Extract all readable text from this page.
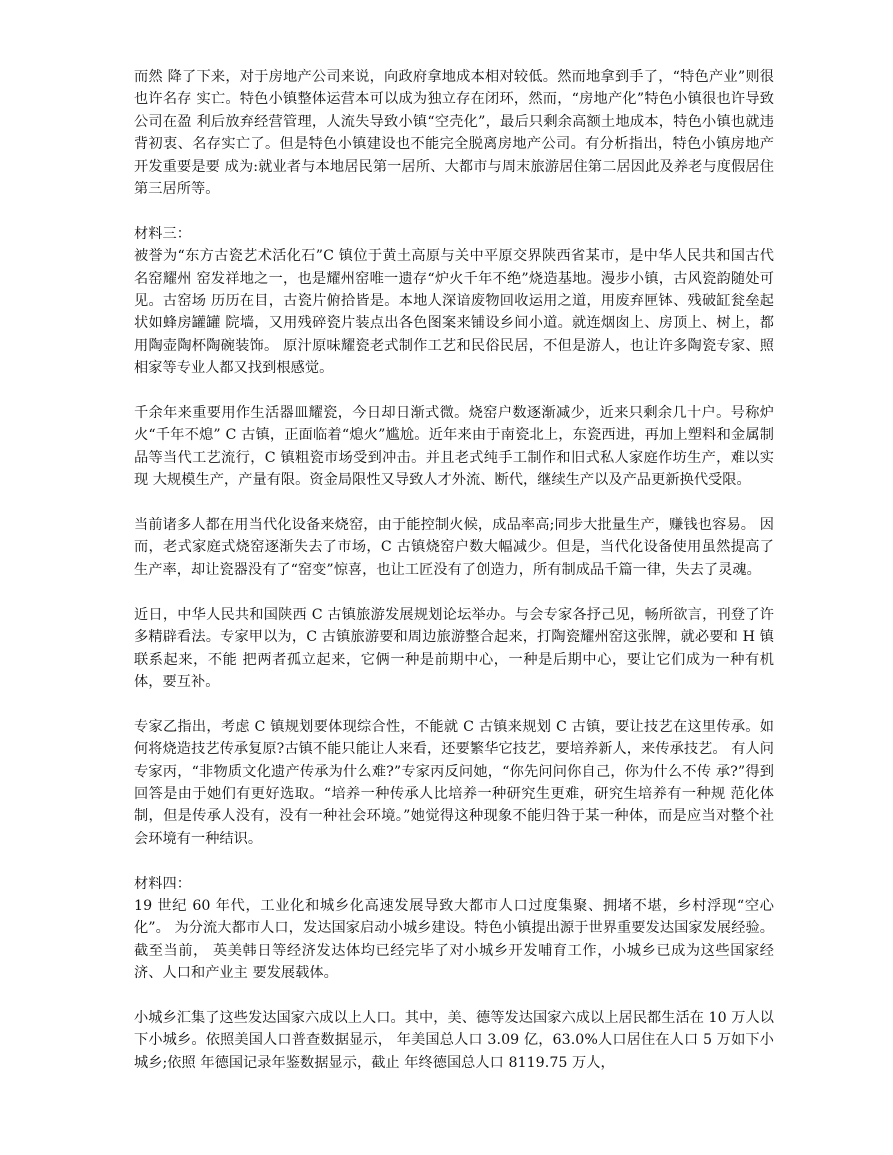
而然 降了下来，对于房地产公司来说，向政府拿地成本相对较低。然而地拿到手了，“特色产业”则很也许名存 实亡。特色小镇整体运营本可以成为独立存在闭环，然而，“房地产化”特色小镇很也许导致公司在盈 利后放弃经营管理，人流失导致小镇“空壳化”，最后只剩余高额土地成本，特色小镇也就违背初衷、名存实亡了。但是特色小镇建设也不能完全脱离房地产公司。有分析指出，特色小镇房地产开发重要是要 成为:就业者与本地居民第一居所、大都市与周末旅游居住第二居因此及养老与度假居住第三居所等。

材料三：

被誉为“东方古瓷艺术活化石”C 镇位于黄土高原与关中平原交界陕西省某市，是中华人民共和国古代名窑耀州 窑发祥地之一，也是耀州窑唯一遗存“炉火千年不绝”烧造基地。漫步小镇，古风瓷韵随处可见。古窑场 历历在目，古瓷片俯拾皆是。本地人深谙废物回收运用之道，用废弃匣钵、残破缸瓮垒起状如蜂房罐罐 院墙，又用残碎瓷片装点出各色图案来铺设乡间小道。就连烟囱上、房顶上、树上，都用陶壶陶杯陶碗装饰。 原汁原味耀瓷老式制作工艺和民俗民居，不但是游人，也让许多陶瓷专家、照相家等专业人都又找到根感觉。

千余年来重要用作生活器皿耀瓷，今日却日渐式微。烧窑户数逐渐减少，近来只剩余几十户。号称炉 火“千年不熄” C 古镇，正面临着“熄火”尴尬。近年来由于南瓷北上，东瓷西进，再加上塑料和金属制 品等当代工艺流行，C 镇粗瓷市场受到冲击。并且老式纯手工制作和旧式私人家庭作坊生产，难以实现 大规模生产，产量有限。资金局限性又导致人才外流、断代，继续生产以及产品更新换代受限。

当前诸多人都在用当代化设备来烧窑，由于能控制火候，成品率高;同步大批量生产，赚钱也容易。 因而，老式家庭式烧窑逐渐失去了市场，C 古镇烧窑户数大幅减少。但是，当代化设备使用虽然提高了 生产率，却让瓷器没有了“窑变”惊喜，也让工匠没有了创造力，所有制成品千篇一律，失去了灵魂。

近日，中华人民共和国陕西 C 古镇旅游发展规划论坛举办。与会专家各抒己见，畅所欲言，刊登了许多精辟看法。专家甲以为，C 古镇旅游要和周边旅游整合起来，打陶瓷耀州窑这张牌，就必要和 H 镇联系起来，不能 把两者孤立起来，它俩一种是前期中心，一种是后期中心，要让它们成为一种有机体，要互补。

专家乙指出，考虑 C 镇规划要体现综合性，不能就 C 古镇来规划 C 古镇，要让技艺在这里传承。如何将烧造技艺传承复原?古镇不能只能让人来看，还要繁华它技艺，要培养新人，来传承技艺。 有人问专家丙，“非物质文化遗产传承为什么难?”专家丙反问她，“你先问问你自己，你为什么不传 承?”得到回答是由于她们有更好选取。“培养一种传承人比培养一种研究生更难，研究生培养有一种规 范化体制，但是传承人没有，没有一种社会环境。”她觉得这种现象不能归咎于某一种体，而是应当对整个社会环境有一种结识。

材料四：

19 世纪 60 年代，工业化和城乡化高速发展导致大都市人口过度集聚、拥堵不堪，乡村浮现“空心化”。 为分流大都市人口，发达国家启动小城乡建设。特色小镇提出源于世界重要发达国家发展经验。截至当前， 英美韩日等经济发达体均已经完毕了对小城乡开发哺育工作，小城乡已成为这些国家经济、人口和产业主 要发展载体。

小城乡汇集了这些发达国家六成以上人口。其中，美、德等发达国家六成以上居民都生活在 10 万人以 下小城乡。依照美国人口普查数据显示， 年美国总人口 3.09 亿，63.0%人口居住在人口 5 万如下小 城乡;依照 年德国记录年鉴数据显示，截止 年终德国总人口 8119.75 万人，
